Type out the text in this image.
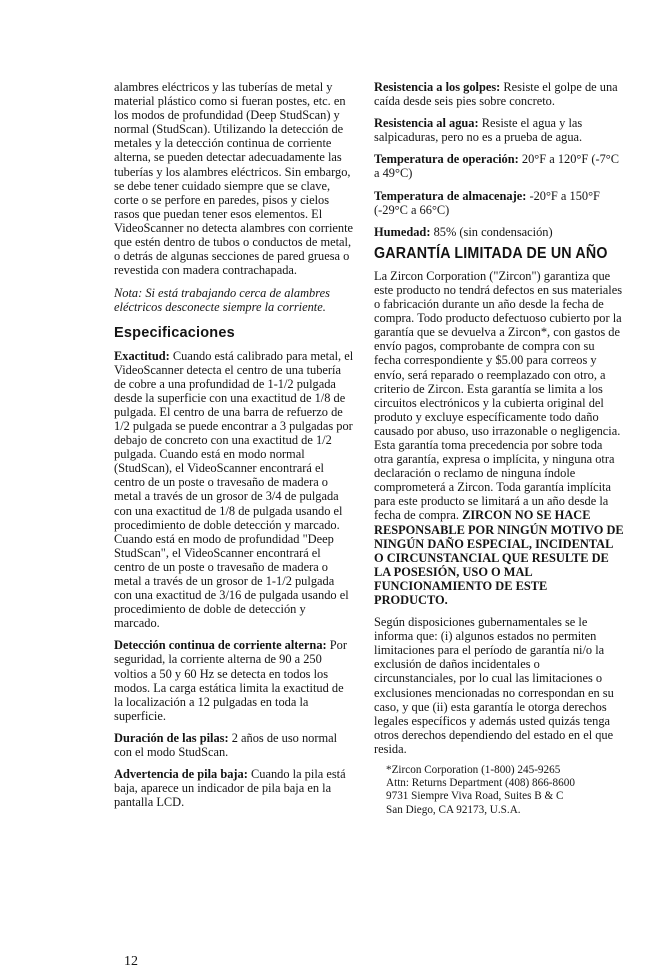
alambres eléctricos y las tuberías de metal y material plástico como si fueran postes, etc. en los modos de profundidad (Deep StudScan) y normal (StudScan). Utilizando la detección de metales y la detección continua de corriente alterna, se pueden detectar adecuadamente las tuberías y los alambres eléctricos. Sin embargo, se debe tener cuidado siempre que se clave, corte o se perfore en paredes, pisos y cielos rasos que puedan tener esos elementos. El VideoScanner no detecta alambres con corriente que estén dentro de tubos o conductos de metal, o detrás de algunas secciones de pared gruesa o revestida con madera contrachapada.

Nota: Si está trabajando cerca de alambres eléctricos desconecte siempre la corriente.

Especificaciones

Exactitud: Cuando está calibrado para metal, el VideoScanner detecta el centro de una tubería de cobre a una profundidad de 1-1/2 pulgada desde la superficie con una exactitud de 1/8 de pulgada. El centro de una barra de refuerzo de 1/2 pulgada se puede encontrar a 3 pulgadas por debajo de concreto con una exactitud de 1/2 pulgada. Cuando está en modo normal (StudScan), el VideoScanner encontrará el centro de un poste o travesaño de madera o metal a través de un grosor de 3/4 de pulgada con una exactitud de 1/8 de pulgada usando el procedimiento de doble detección y marcado. Cuando está en modo de profundidad "Deep StudScan", el VideoScanner encontrará el centro de un poste o travesaño de madera o metal a través de un grosor de 1-1/2 pulgada con una exactitud de 3/16 de pulgada usando el procedimiento de doble de detección y marcado.

Detección continua de corriente alterna: Por seguridad, la corriente alterna de 90 a 250 voltios a 50 y 60 Hz se detecta en todos los modos. La carga estática limita la exactitud de la localización a 12 pulgadas en toda la superficie.

Duración de las pilas: 2 años de uso normal con el modo StudScan.

Advertencia de pila baja: Cuando la pila está baja, aparece un indicador de pila baja en la pantalla LCD.

Resistencia a los golpes: Resiste el golpe de una caída desde seis pies sobre concreto.

Resistencia al agua: Resiste el agua y las salpicaduras, pero no es a prueba de agua.

Temperatura de operación: 20°F a 120°F (-7°C a 49°C)

Temperatura de almacenaje: -20°F a 150°F (-29°C a 66°C)

Humedad: 85% (sin condensación)

GARANTÍA LIMITADA DE UN AÑO

La Zircon Corporation ("Zircon") garantiza que este producto no tendrá defectos en sus materiales o fabricación durante un año desde la fecha de compra. Todo producto defectuoso cubierto por la garantía que se devuelva a Zircon*, con gastos de envío pagos, comprobante de compra con su fecha correspondiente y $5.00 para correos y envío, será reparado o reemplazado con otro, a criterio de Zircon. Esta garantía se limita a los circuitos electrónicos y la cubierta original del produto y excluye específicamente todo daño causado por abuso, uso irrazonable o negligencia. Esta garantía toma precedencia por sobre toda otra garantía, expresa o implícita, y ninguna otra declaración o reclamo de ninguna índole comprometerá a Zircon. Toda garantía implícita para este producto se limitará a un año desde la fecha de compra. ZIRCON NO SE HACE RESPONSABLE POR NINGÚN MOTIVO DE NINGÚN DAÑO ESPECIAL, INCIDENTAL O CIRCUNSTANCIAL QUE RESULTE DE LA POSESIÓN, USO O MAL FUNCIONAMIENTO DE ESTE PRODUCTO.

Según disposiciones gubernamentales se le informa que: (i) algunos estados no permiten limitaciones para el período de garantía ni/o la exclusión de daños incidentales o circunstanciales, por lo cual las limitaciones o exclusiones mencionadas no correspondan en su caso, y que (ii) esta garantía le otorga derechos legales específicos y además usted quizás tenga otros derechos dependiendo del estado en el que resida.

*Zircon Corporation (1-800) 245-9265
Attn: Returns Department (408) 866-8600
9731 Siempre Viva Road, Suites B & C
San Diego, CA 92173, U.S.A.
12
